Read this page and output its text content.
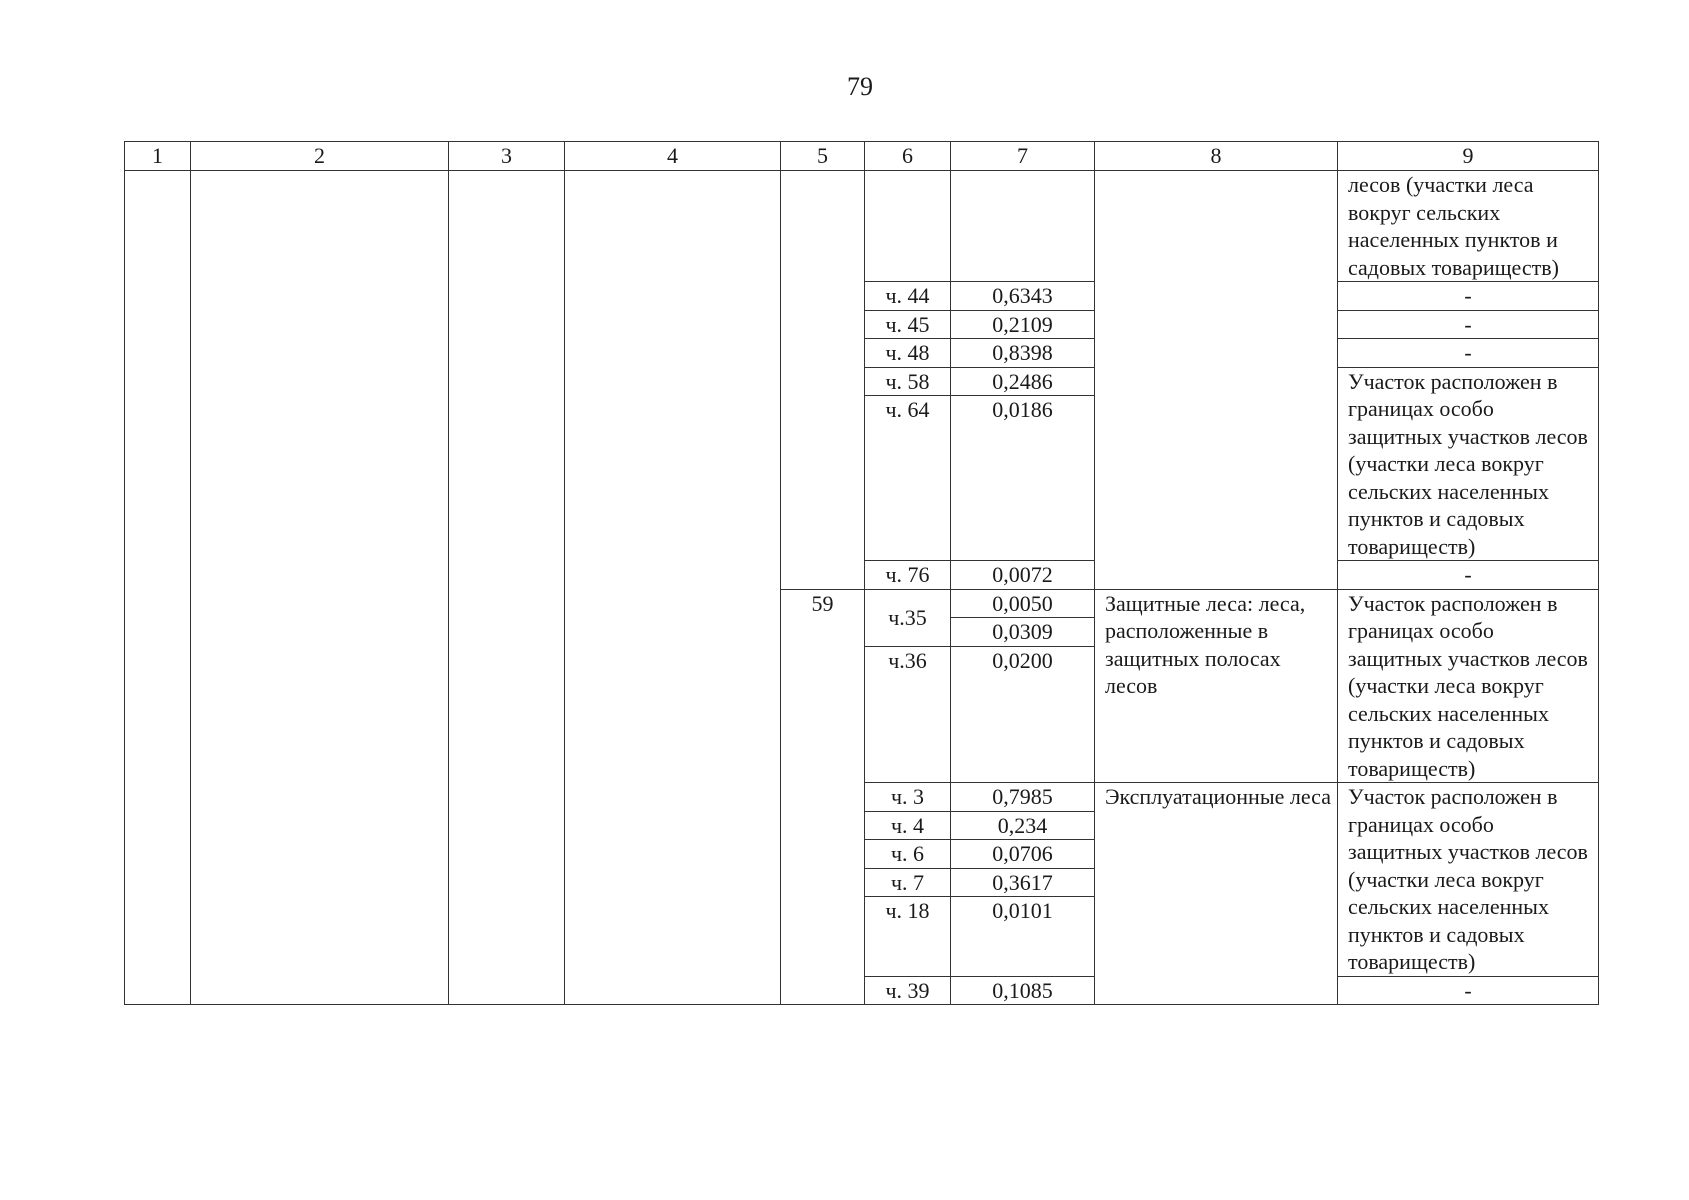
79
1	2	3	4	5	6	7	8	9
								лесов (участки леса вокруг сельских населенных пунктов и садовых товариществ)
					ч. 44	0,6343		-
					ч. 45	0,2109		-
					ч. 48	0,8398		-
					ч. 58	0,2486		Участок расположен в границах особо защитных участков лесов (участки леса вокруг сельских населенных пунктов и садовых товариществ)
					ч. 64	0,0186		
					ч. 76	0,0072		-
				59	ч.35	0,0050	Защитные леса: леса, расположенные в защитных полосах лесов	Участок расположен в границах особо защитных участков лесов (участки леса вокруг сельских населенных пунктов и садовых товариществ)
						0,0309		
					ч.36	0,0200		
					ч. 3	0,7985	Эксплуатационные леса	Участок расположен в границах особо защитных участков лесов (участки леса вокруг сельских населенных пунктов и садовых товариществ)
					ч. 4	0,234		
					ч. 6	0,0706		
					ч. 7	0,3617		
					ч. 18	0,0101		
					ч. 39	0,1085		-
